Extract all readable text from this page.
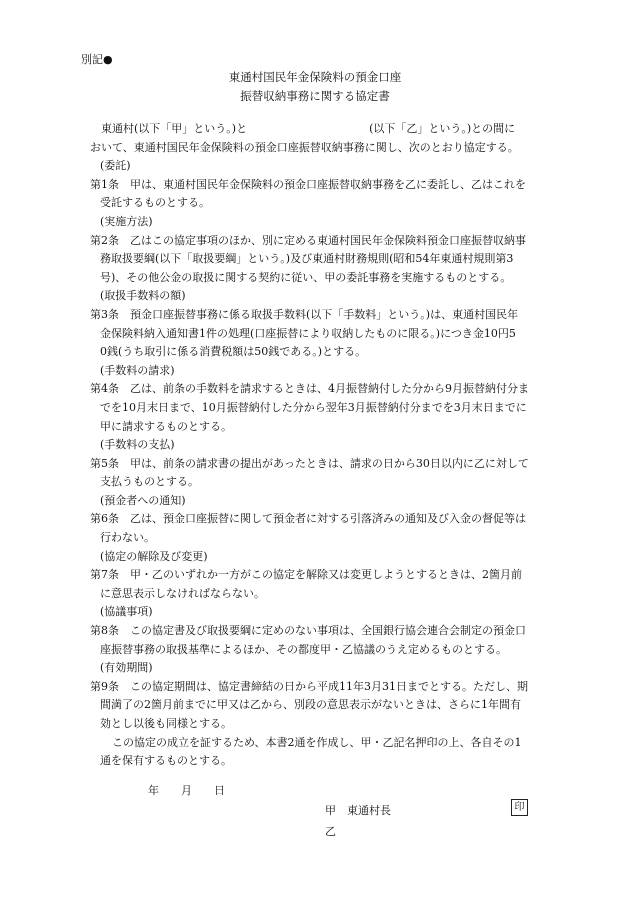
別記●
東通村国民年金保険料の預金口座
振替収納事務に関する協定書
東通村(以下「甲」という。)と	(以下「乙」という。)との間に
おいて、東通村国民年金保険料の預金口座振替収納事務に関し、次のとおり協定する。
(委託)
第1条　甲は、東通村国民年金保険料の預金口座振替収納事務を乙に委託し、乙はこれを
受託するものとする。
(実施方法)
第2条　乙はこの協定事項のほか、別に定める東通村国民年金保険料預金口座振替収納事
務取扱要綱(以下「取扱要綱」という。)及び東通村財務規則(昭和54年東通村規則第3
号)、その他公金の取扱に関する契約に従い、甲の委託事務を実施するものとする。
(取扱手数料の額)
第3条　預金口座振替事務に係る取扱手数料(以下「手数料」という。)は、東通村国民年
金保険料納入通知書1件の処理(口座振替により収納したものに限る。)につき金10円5
0銭(うち取引に係る消費税額は50銭である。)とする。
(手数料の請求)
第4条　乙は、前条の手数料を請求するときは、4月振替納付した分から9月振替納付分ま
でを10月末日まで、10月振替納付した分から翌年3月振替納付分までを3月末日までに
甲に請求するものとする。
(手数料の支払)
第5条　甲は、前条の請求書の提出があったときは、請求の日から30日以内に乙に対して
支払うものとする。
(預金者への通知)
第6条　乙は、預金口座振替に関して預金者に対する引落済みの通知及び入金の督促等は
行わない。
(協定の解除及び変更)
第7条　甲・乙のいずれか一方がこの協定を解除又は変更しようとするときは、2箇月前
に意思表示しなければならない。
(協議事項)
第8条　この協定書及び取扱要綱に定めのない事項は、全国銀行協会連合会制定の預金口
座振替事務の取扱基準によるほか、その都度甲・乙協議のうえ定めるものとする。
(有効期間)
第9条　この協定期間は、協定書締結の日から平成11年3月31日までとする。ただし、期
間満了の2箇月前までに甲又は乙から、別段の意思表示がないときは、さらに1年間有
効とし以後も同様とする。
この協定の成立を証するため、本書2通を作成し、甲・乙記名押印の上、各自その1
通を保有するものとする。
年 月 日
甲　東通村長	印
乙
